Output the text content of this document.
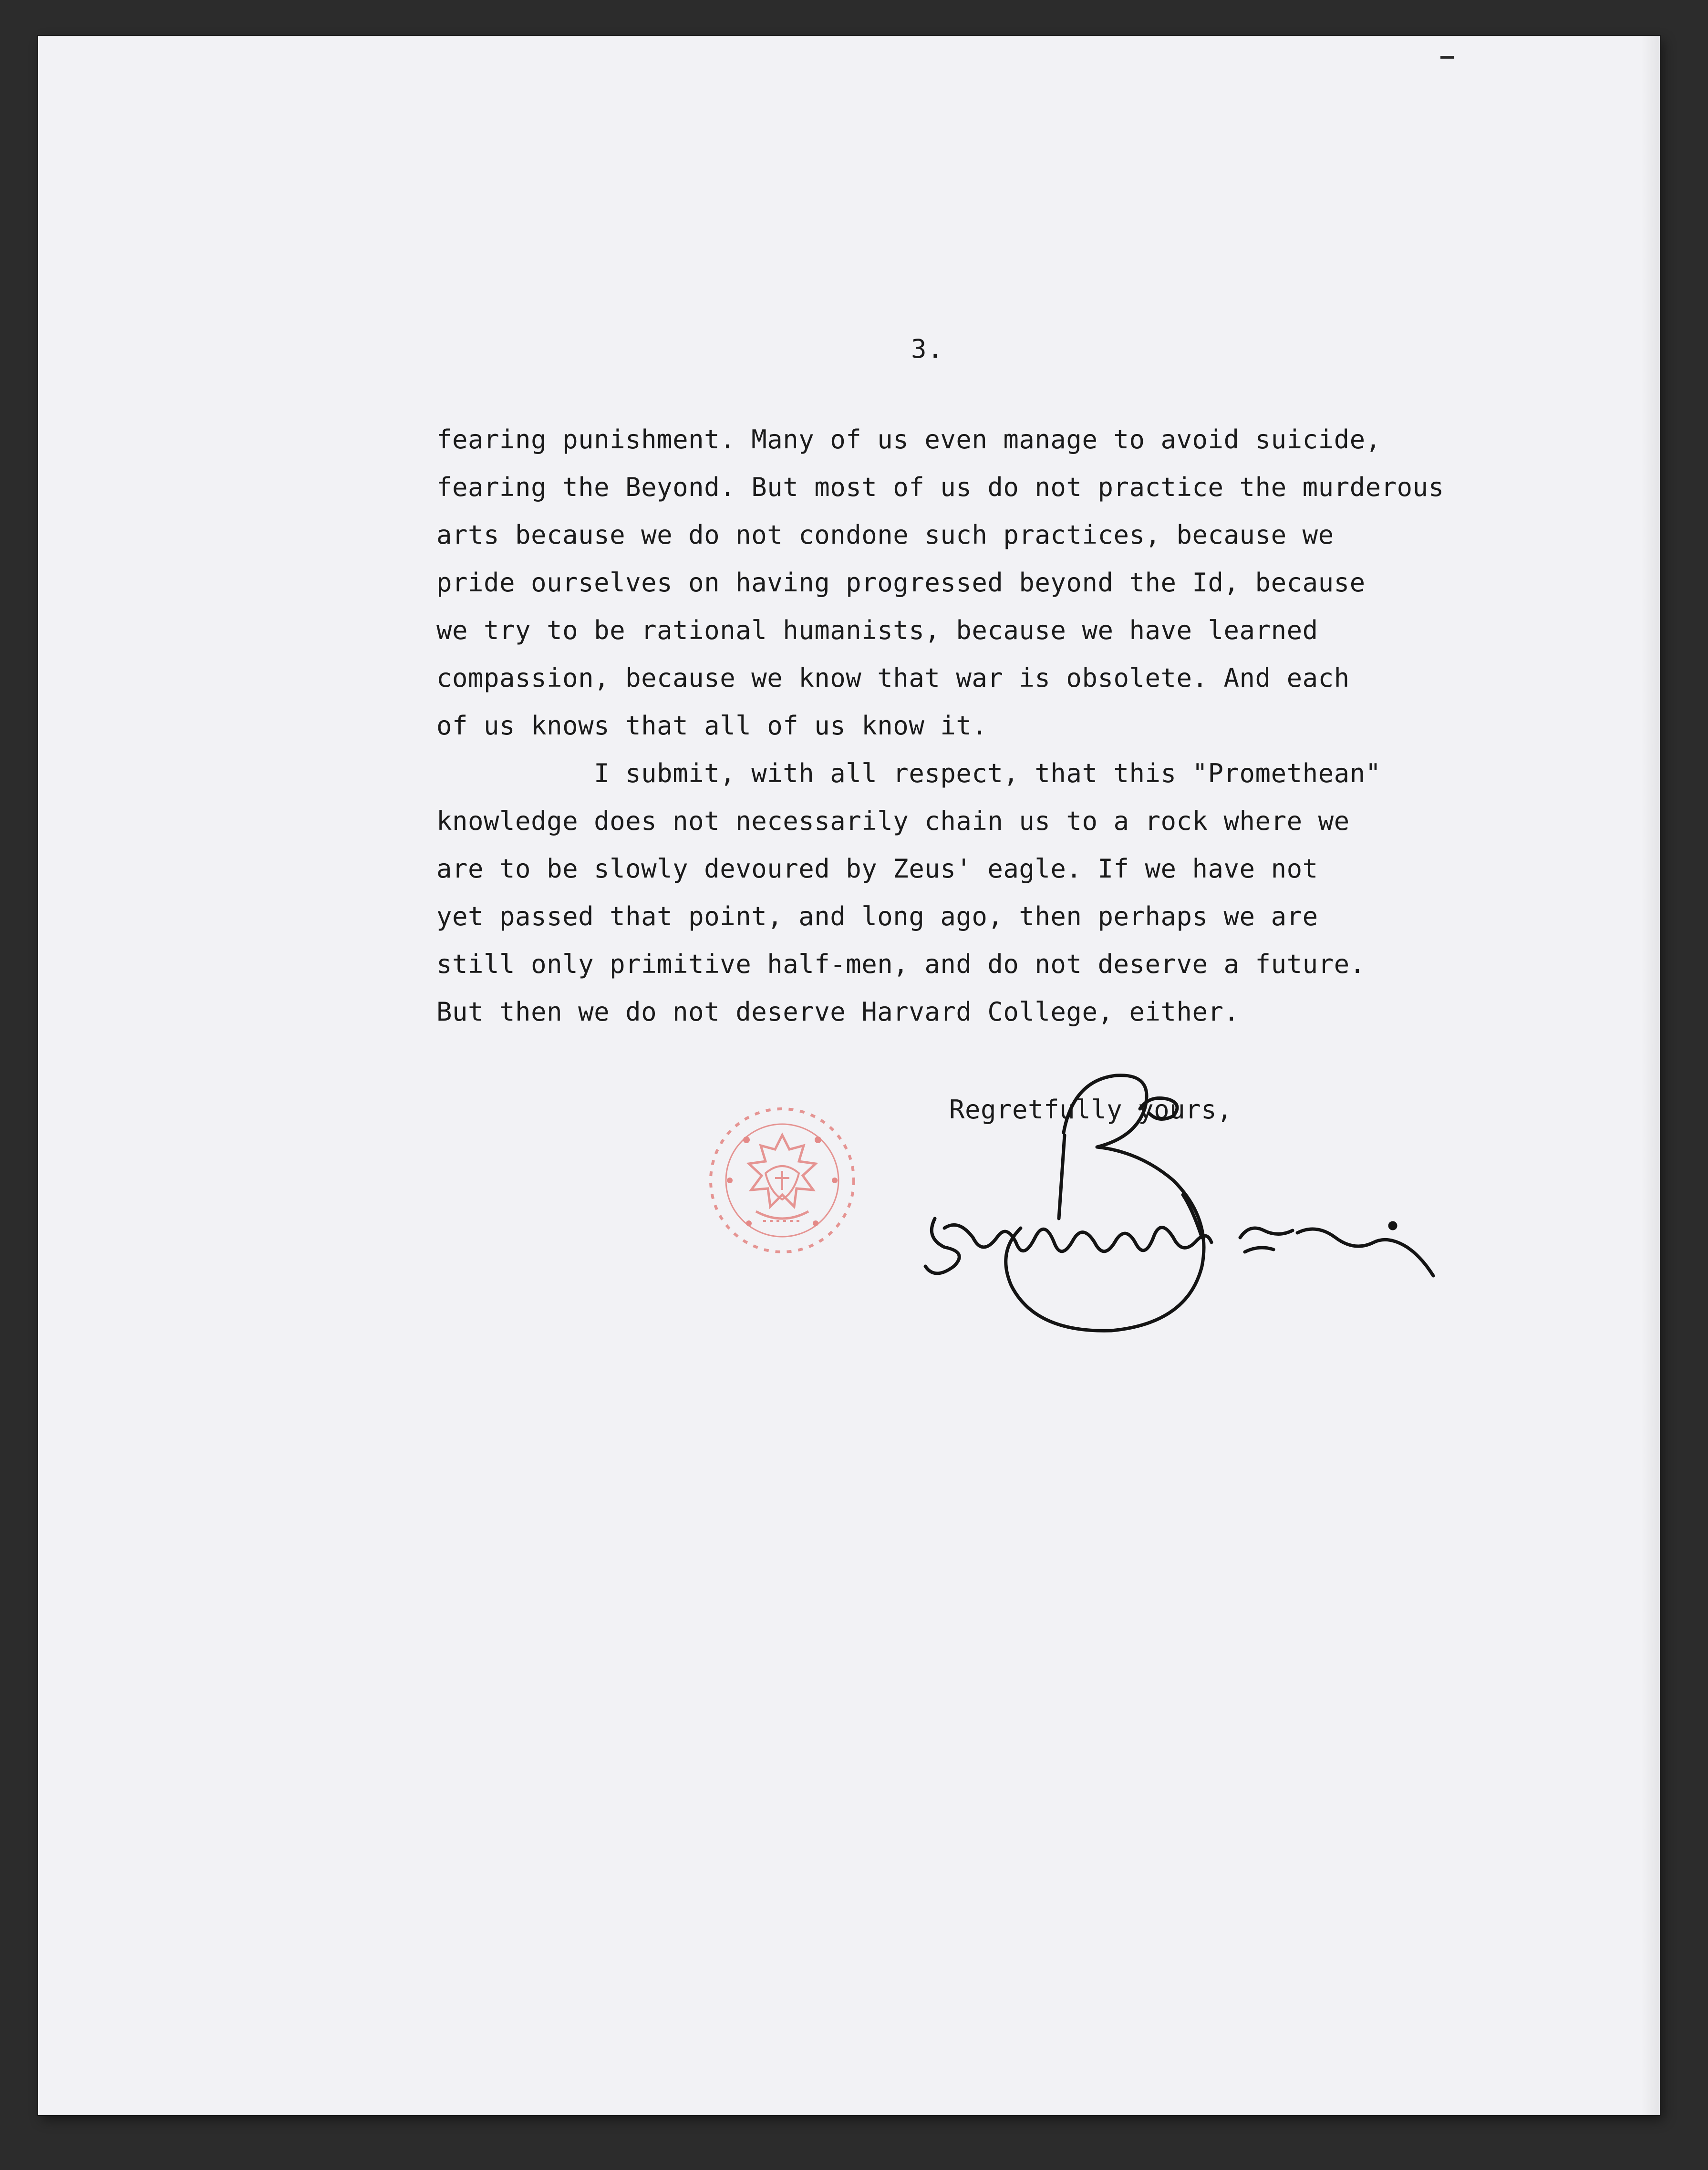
3.
fearing punishment. Many of us even manage to avoid suicide,
fearing the Beyond. But most of us do not practice the murderous
arts because we do not condone such practices, because we
pride ourselves on having progressed beyond the Id, because
we try to be rational humanists, because we have learned
compassion, because we know that war is obsolete. And each
of us knows that all of us know it.
I submit, with all respect, that this "Promethean"
knowledge does not necessarily chain us to a rock where we
are to be slowly devoured by Zeus' eagle. If we have not
yet passed that point, and long ago, then perhaps we are
still only primitive half-men, and do not deserve a future.
But then we do not deserve Harvard College, either.
Regretfully yours,
